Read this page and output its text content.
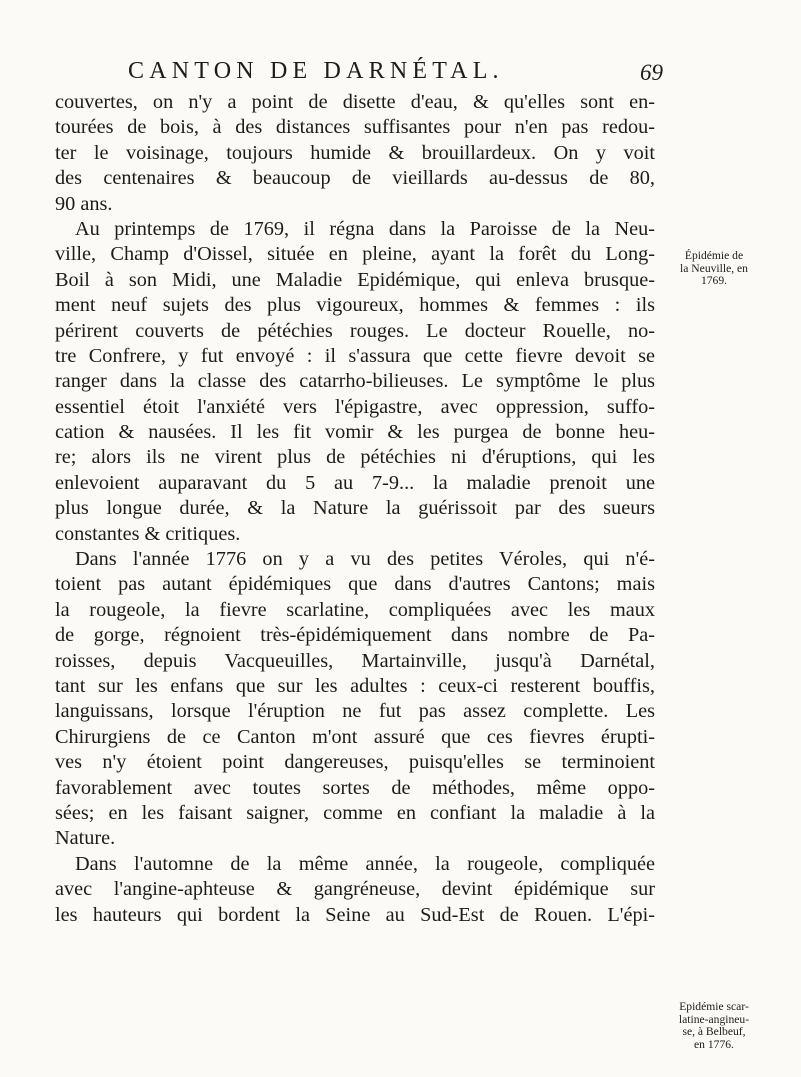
CANTON DE DARNÉTAL.	69
couvertes, on n'y a point de disette d'eau, & qu'elles sont en-
tourées de bois, à des distances suffisantes pour n'en pas redou-
ter le voisinage, toujours humide & brouillardeux. On y voit
des centenaires & beaucoup de vieillards au-dessus de 80,
90 ans.
Au printemps de 1769, il régna dans la Paroisse de la Neu-
ville, Champ d'Oissel, située en pleine, ayant la forêt du Long-
Boil à son Midi, une Maladie Epidémique, qui enleva brusque-
ment neuf sujets des plus vigoureux, hommes & femmes : ils
périrent couverts de pétéchies rouges. Le docteur Rouelle, no-
tre Confrere, y fut envoyé : il s'assura que cette fievre devoit se
ranger dans la classe des catarrho-bilieuses. Le symptôme le plus
essentiel étoit l'anxiété vers l'épigastre, avec oppression, suffo-
cation & nausées. Il les fit vomir & les purgea de bonne heu-
re; alors ils ne virent plus de pétéchies ni d'éruptions, qui les
enlevoient auparavant du 5 au 7-9... la maladie prenoit une
plus longue durée, & la Nature la guérissoit par des sueurs
constantes & critiques.
Dans l'année 1776 on y a vu des petites Véroles, qui n'é-
toient pas autant épidémiques que dans d'autres Cantons; mais
la rougeole, la fievre scarlatine, compliquées avec les maux
de gorge, régnoient très-épidémiquement dans nombre de Pa-
roisses, depuis Vacqueuilles, Martainville, jusqu'à Darnétal,
tant sur les enfans que sur les adultes : ceux-ci resterent bouffis,
languissans, lorsque l'éruption ne fut pas assez complette. Les
Chirurgiens de ce Canton m'ont assuré que ces fievres érupti-
ves n'y étoient point dangereuses, puisqu'elles se terminoient
favorablement avec toutes sortes de méthodes, même oppo-
sées; en les faisant saigner, comme en confiant la maladie à la
Nature.
Dans l'automne de la même année, la rougeole, compliquée
avec l'angine-aphteuse & gangréneuse, devint épidémique sur
les hauteurs qui bordent la Seine au Sud-Est de Rouen. L'épi-
Épidémie de
la Neuville, en
1769.
Epidémie scar-
latine-angineu-
se, à Belbeuf,
en 1776.
